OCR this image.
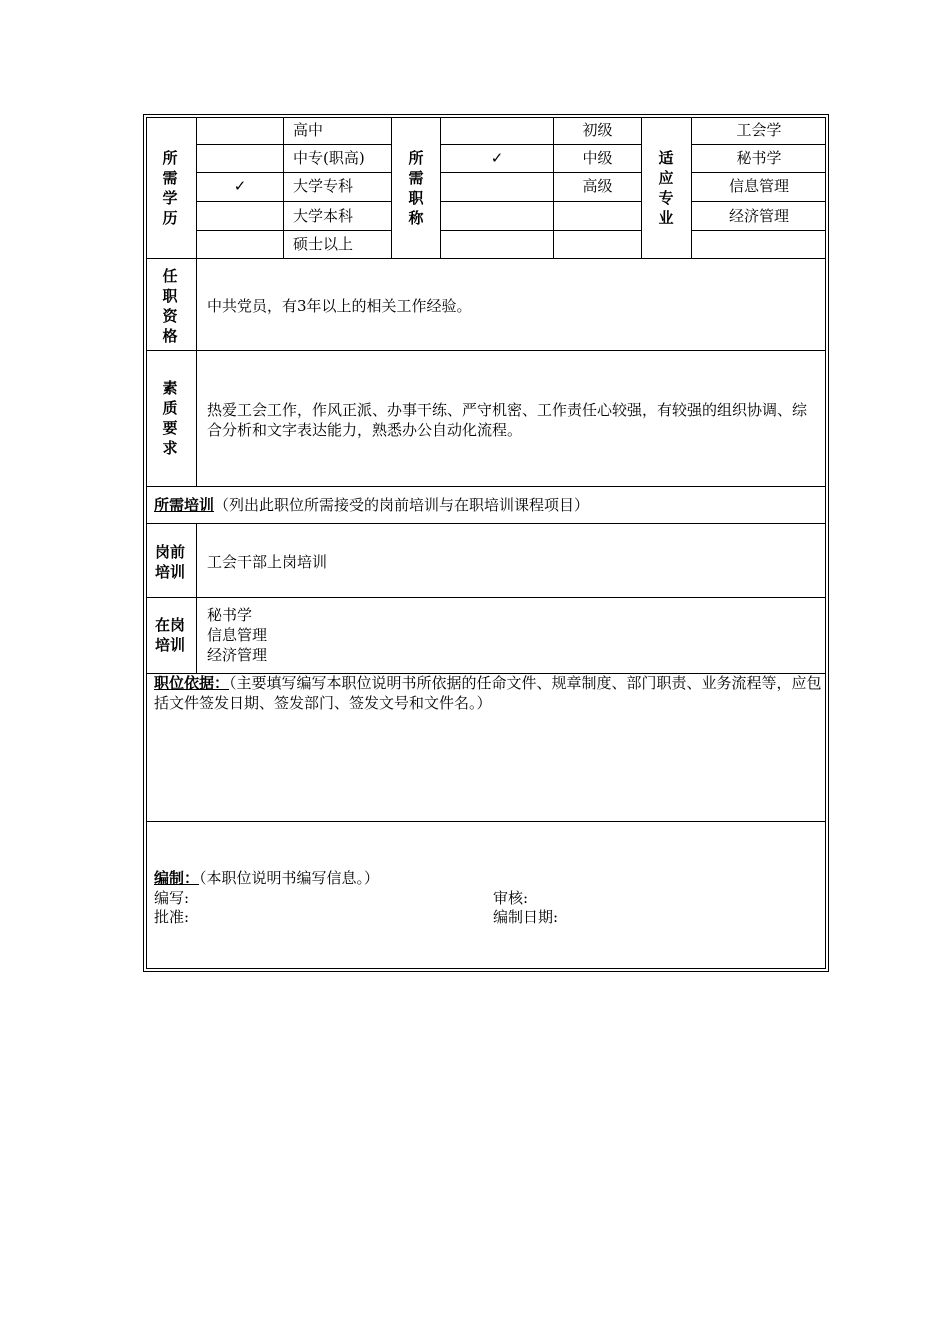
所需学历
✓
高中
中专(职高)
大学专科
大学本科
硕士以上
所需职称
✓
初级
中级
高级
适应专业
工会学
秘书学
信息管理
经济管理
任职资格
中共党员，有3年以上的相关工作经验。
素质要求
热爱工会工作，作风正派、办事干练、严守机密、工作责任心较强，有较强的组织协调、综合分析和文字表达能力，熟悉办公自动化流程。
所需培训（列出此职位所需接受的岗前培训与在职培训课程项目）
岗前培训
工会干部上岗培训
在岗培训
秘书学
信息管理
经济管理
职位依据：（主要填写编写本职位说明书所依据的任命文件、规章制度、部门职责、业务流程等，应包括文件签发日期、签发部门、签发文号和文件名。）
编制：（本职位说明书编写信息。）
编写:	审核:
批准:	编制日期:
